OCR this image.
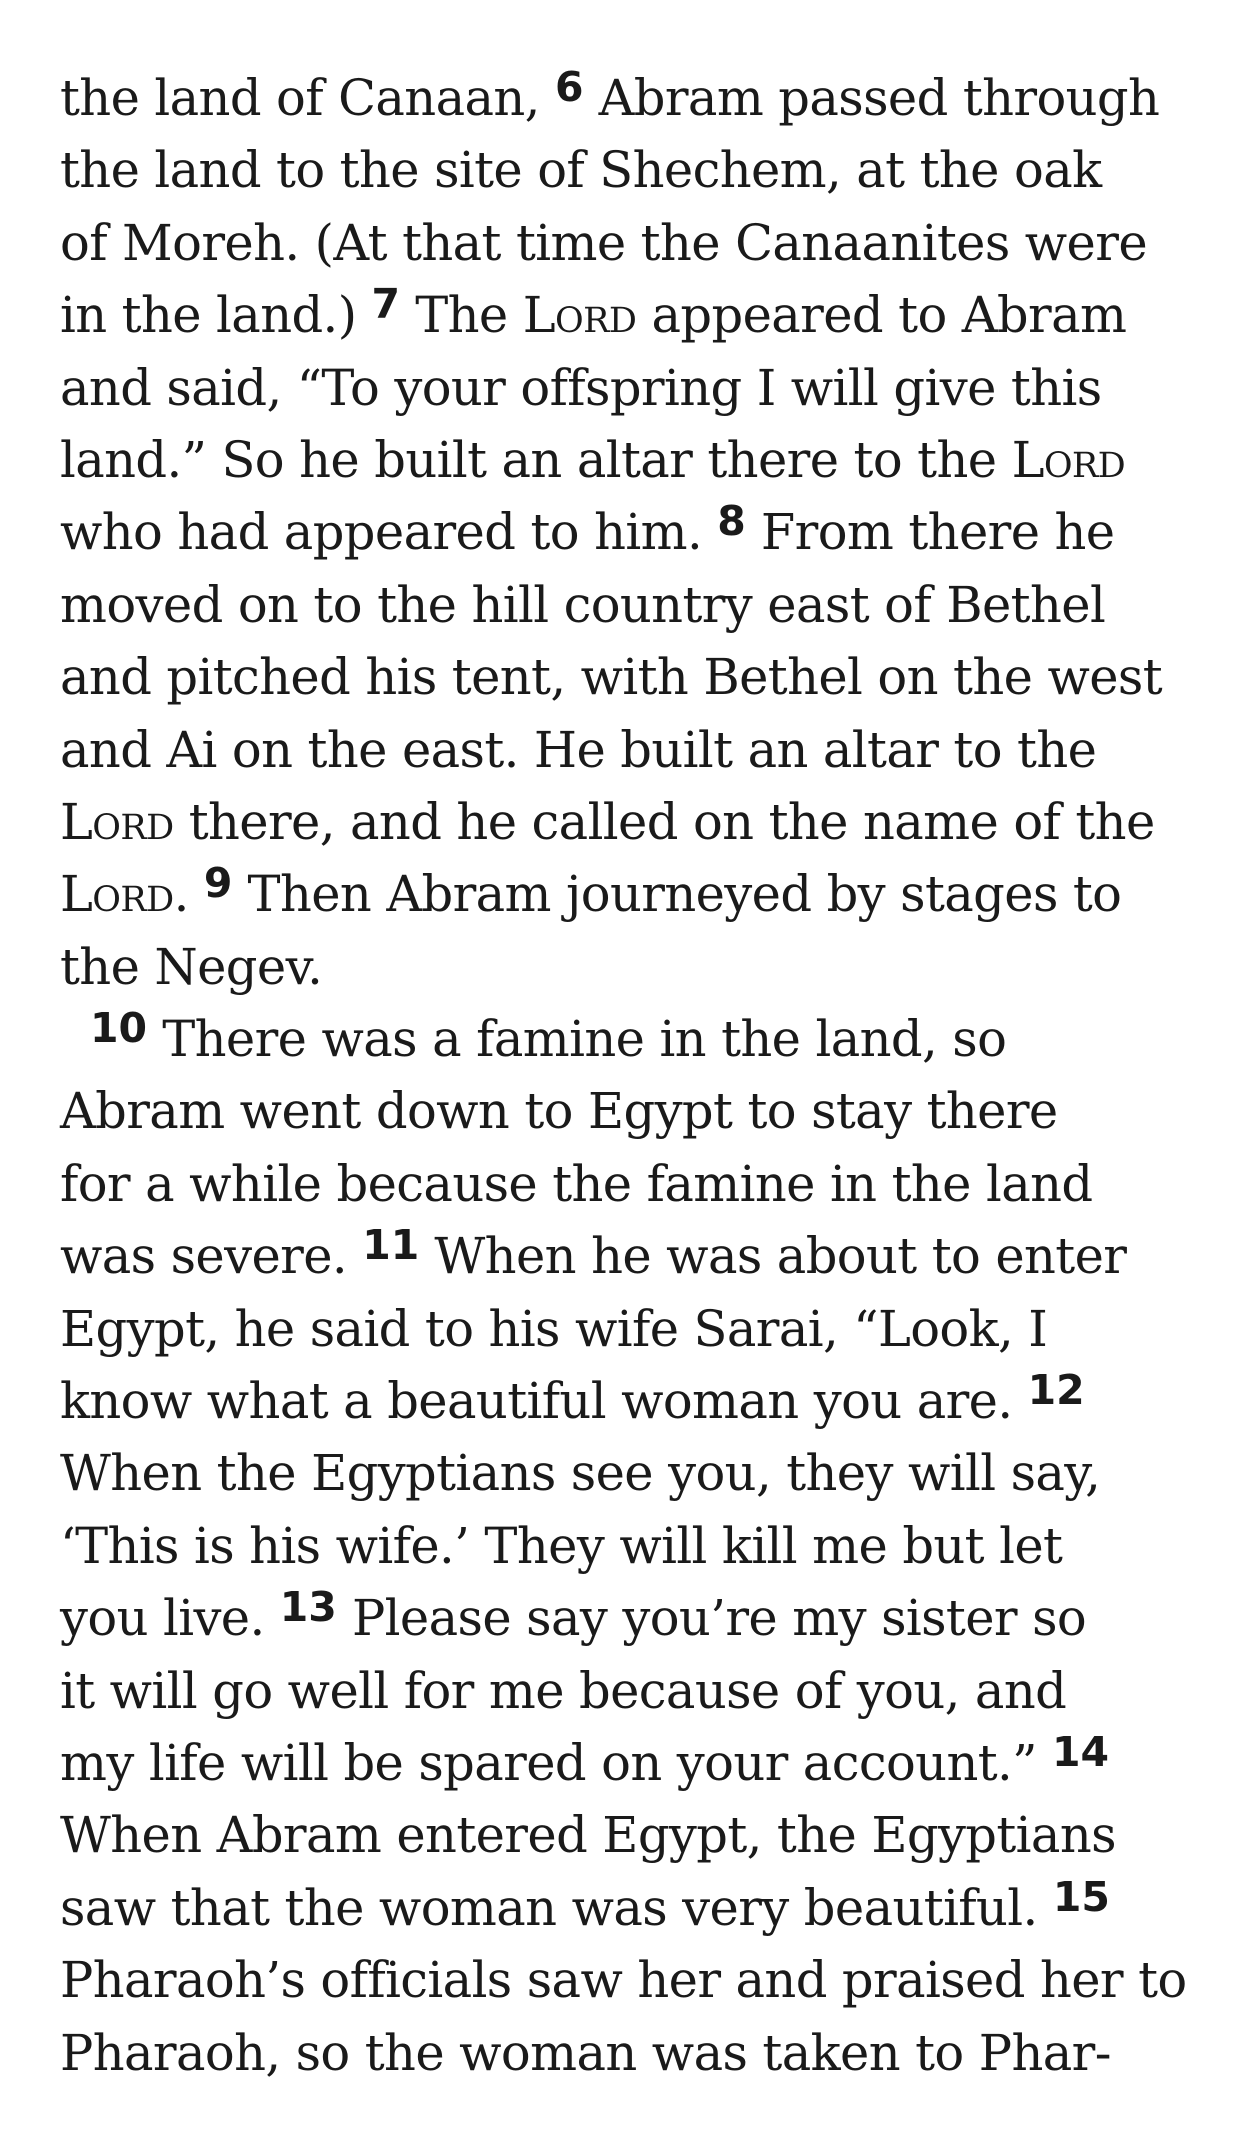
the land of Canaan, $^6$ Abram passed through
the land to the site of Shechem, at the oak
of Moreh. (At that time the Canaanites were
in the land.) $^7$ The Lord appeared to Abram
and said, “To your offspring I will give this
land.” So he built an altar there to the Lord
who had appeared to him. $^8$ From there he
moved on to the hill country east of Bethel
and pitched his tent, with Bethel on the west
and Ai on the east. He built an altar to the
Lord there, and he called on the name of the
Lord. $^9$ Then Abram journeyed by stages to
the Negev.
$^{10}$ There was a famine in the land, so
Abram went down to Egypt to stay there
for a while because the famine in the land
was severe. $^{11}$ When he was about to enter
Egypt, he said to his wife Sarai, “Look, I
know what a beautiful woman you are. $^{12}$
When the Egyptians see you, they will say,
‘This is his wife.’ They will kill me but let
you live. $^{13}$ Please say you’re my sister so
it will go well for me because of you, and
my life will be spared on your account.” $^{14}$
When Abram entered Egypt, the Egyptians
saw that the woman was very beautiful. $^{15}$
Pharaoh’s officials saw her and praised her to
Pharaoh, so the woman was taken to Phar-
